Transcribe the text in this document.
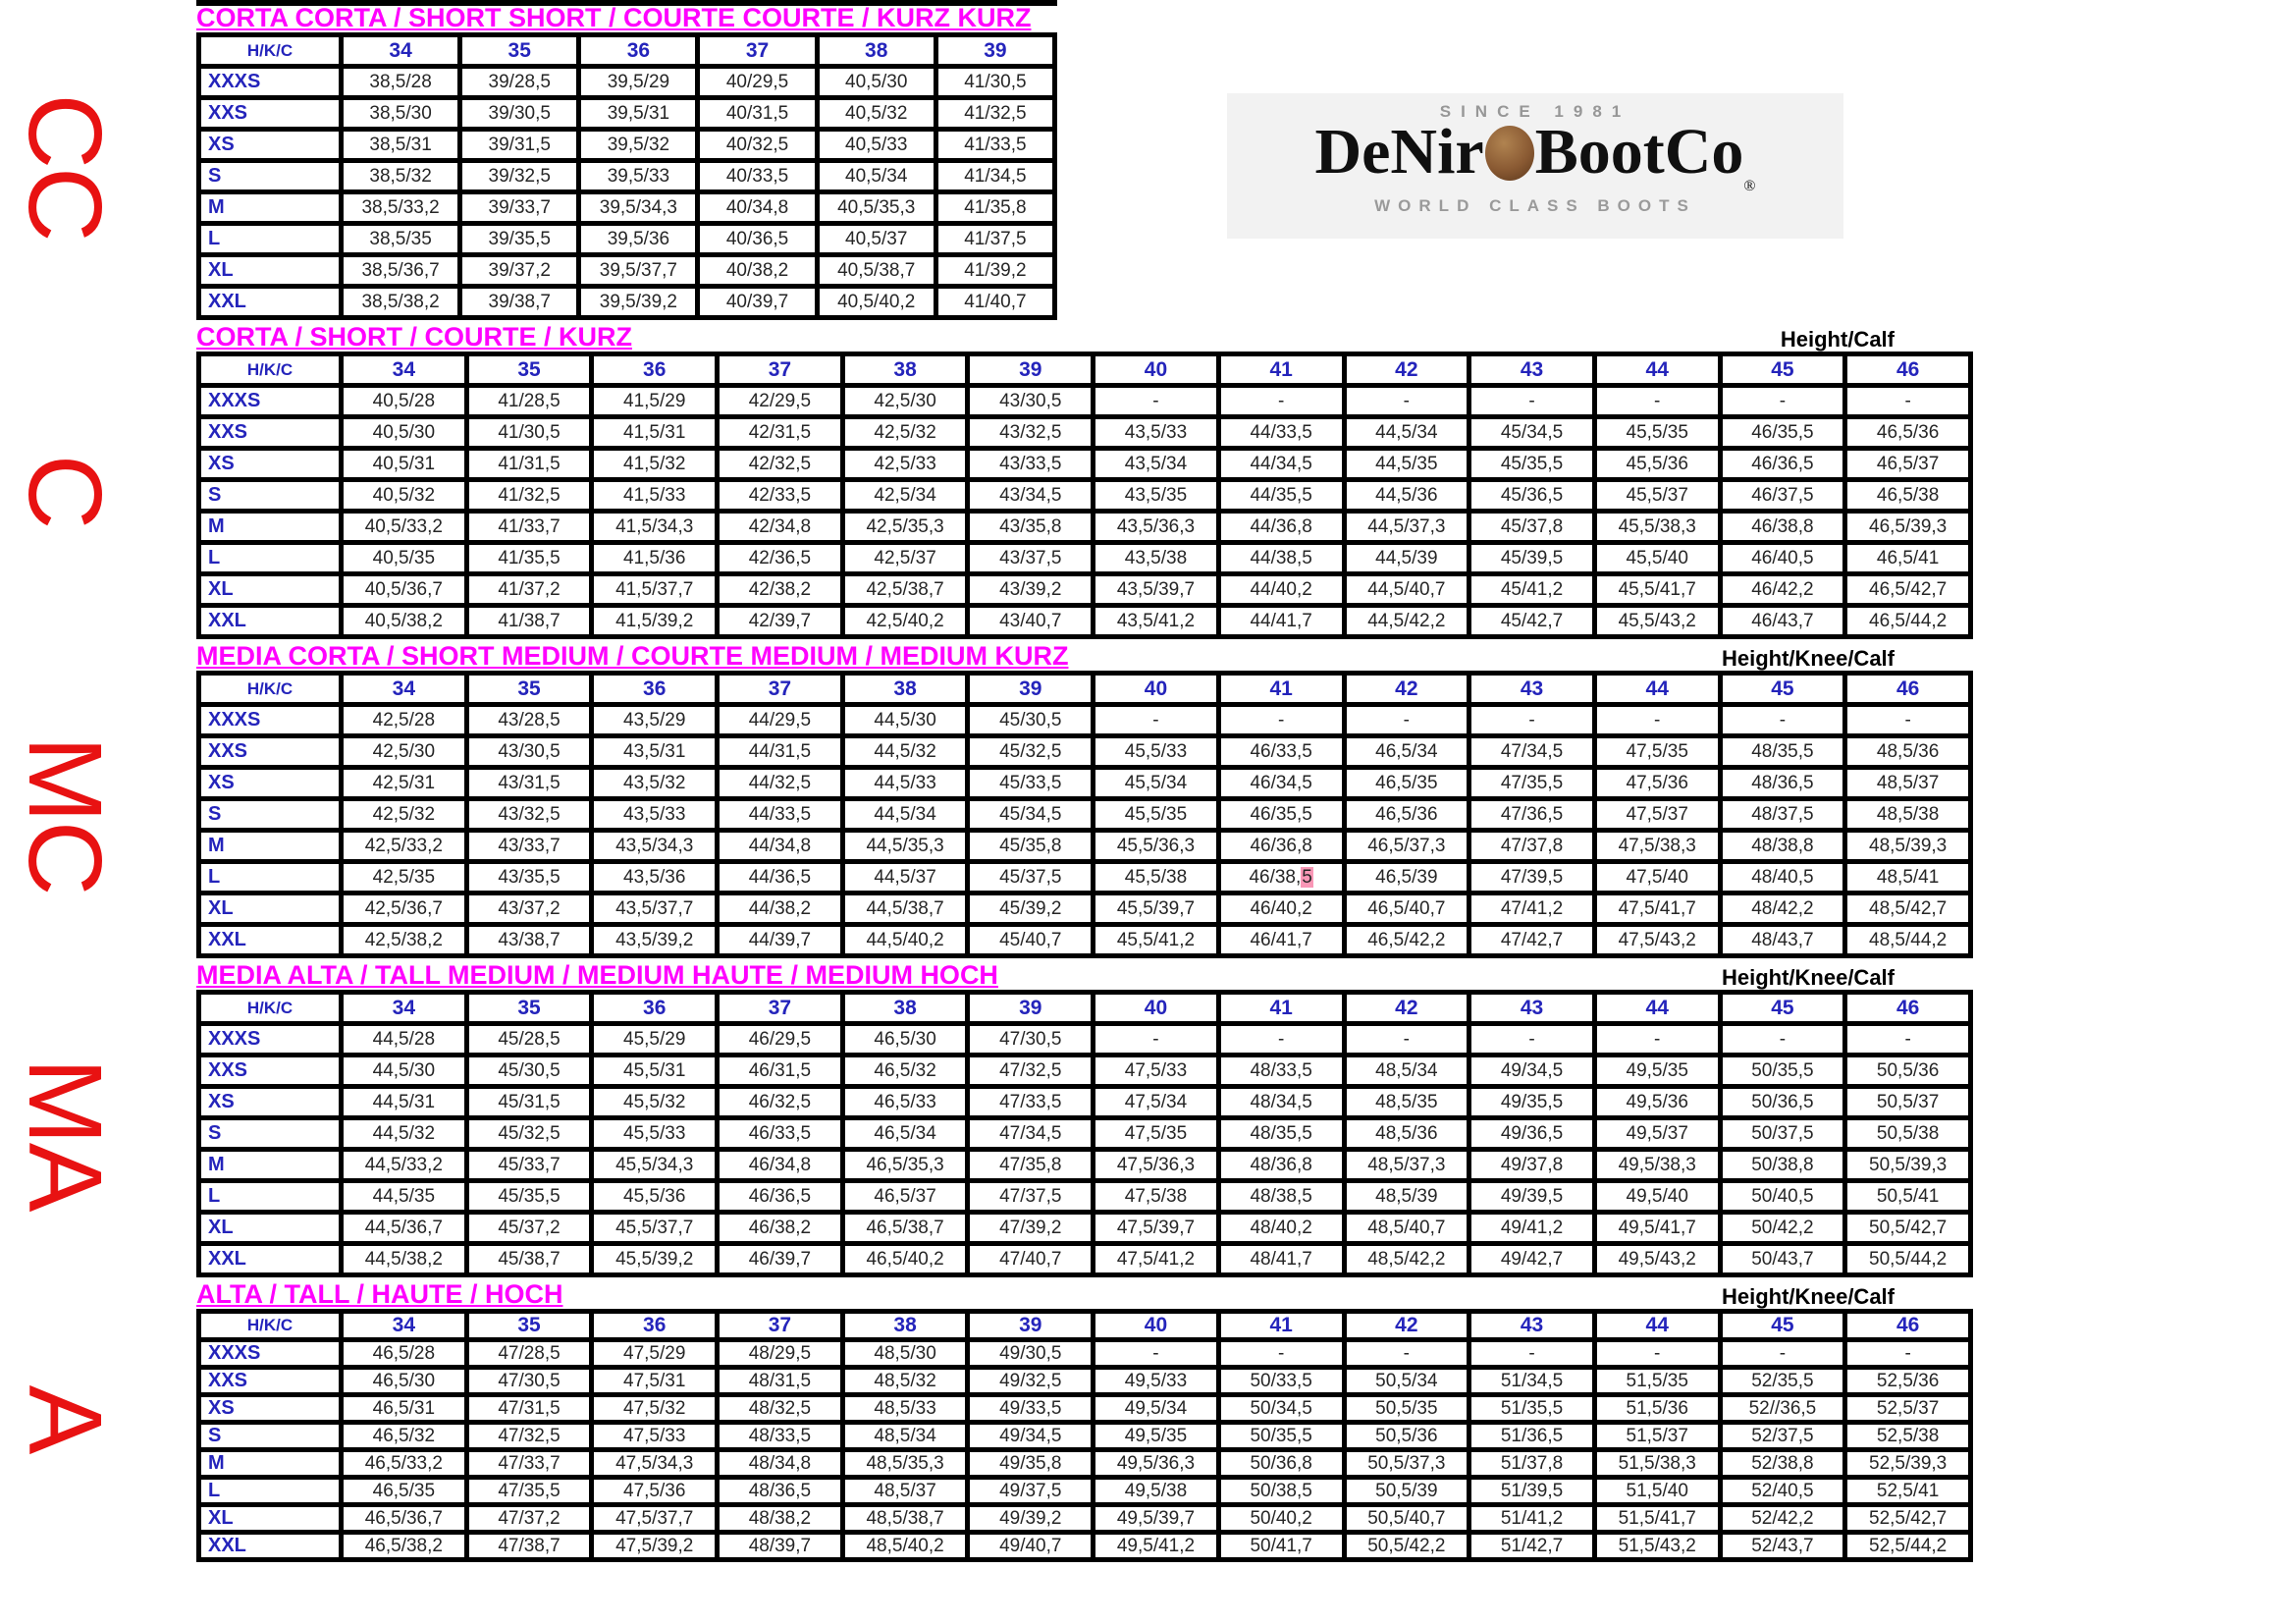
CC
C
MC
MA
A
SINCE 1981
DeNir BootCo$_®$
WORLD CLASS BOOTS
CORTA CORTA / SHORT SHORT / COURTE COURTE / KURZ KURZ
H/K/C	34	35	36	37	38	39
XXXS	38,5/28	39/28,5	39,5/29	40/29,5	40,5/30	41/30,5
XXS	38,5/30	39/30,5	39,5/31	40/31,5	40,5/32	41/32,5
XS	38,5/31	39/31,5	39,5/32	40/32,5	40,5/33	41/33,5
S	38,5/32	39/32,5	39,5/33	40/33,5	40,5/34	41/34,5
M	38,5/33,2	39/33,7	39,5/34,3	40/34,8	40,5/35,3	41/35,8
L	38,5/35	39/35,5	39,5/36	40/36,5	40,5/37	41/37,5
XL	38,5/36,7	39/37,2	39,5/37,7	40/38,2	40,5/38,7	41/39,2
XXL	38,5/38,2	39/38,7	39,5/39,2	40/39,7	40,5/40,2	41/40,7
CORTA / SHORT / COURTE / KURZ	Height/Calf
H/K/C	34	35	36	37	38	39	40	41	42	43	44	45	46
XXXS	40,5/28	41/28,5	41,5/29	42/29,5	42,5/30	43/30,5	-	-	-	-	-	-	-
XXS	40,5/30	41/30,5	41,5/31	42/31,5	42,5/32	43/32,5	43,5/33	44/33,5	44,5/34	45/34,5	45,5/35	46/35,5	46,5/36
XS	40,5/31	41/31,5	41,5/32	42/32,5	42,5/33	43/33,5	43,5/34	44/34,5	44,5/35	45/35,5	45,5/36	46/36,5	46,5/37
S	40,5/32	41/32,5	41,5/33	42/33,5	42,5/34	43/34,5	43,5/35	44/35,5	44,5/36	45/36,5	45,5/37	46/37,5	46,5/38
M	40,5/33,2	41/33,7	41,5/34,3	42/34,8	42,5/35,3	43/35,8	43,5/36,3	44/36,8	44,5/37,3	45/37,8	45,5/38,3	46/38,8	46,5/39,3
L	40,5/35	41/35,5	41,5/36	42/36,5	42,5/37	43/37,5	43,5/38	44/38,5	44,5/39	45/39,5	45,5/40	46/40,5	46,5/41
XL	40,5/36,7	41/37,2	41,5/37,7	42/38,2	42,5/38,7	43/39,2	43,5/39,7	44/40,2	44,5/40,7	45/41,2	45,5/41,7	46/42,2	46,5/42,7
XXL	40,5/38,2	41/38,7	41,5/39,2	42/39,7	42,5/40,2	43/40,7	43,5/41,2	44/41,7	44,5/42,2	45/42,7	45,5/43,2	46/43,7	46,5/44,2
MEDIA CORTA / SHORT MEDIUM / COURTE MEDIUM / MEDIUM KURZ	Height/Knee/Calf
H/K/C	34	35	36	37	38	39	40	41	42	43	44	45	46
XXXS	42,5/28	43/28,5	43,5/29	44/29,5	44,5/30	45/30,5	-	-	-	-	-	-	-
XXS	42,5/30	43/30,5	43,5/31	44/31,5	44,5/32	45/32,5	45,5/33	46/33,5	46,5/34	47/34,5	47,5/35	48/35,5	48,5/36
XS	42,5/31	43/31,5	43,5/32	44/32,5	44,5/33	45/33,5	45,5/34	46/34,5	46,5/35	47/35,5	47,5/36	48/36,5	48,5/37
S	42,5/32	43/32,5	43,5/33	44/33,5	44,5/34	45/34,5	45,5/35	46/35,5	46,5/36	47/36,5	47,5/37	48/37,5	48,5/38
M	42,5/33,2	43/33,7	43,5/34,3	44/34,8	44,5/35,3	45/35,8	45,5/36,3	46/36,8	46,5/37,3	47/37,8	47,5/38,3	48/38,8	48,5/39,3
L	42,5/35	43/35,5	43,5/36	44/36,5	44,5/37	45/37,5	45,5/38	46/38,5	46,5/39	47/39,5	47,5/40	48/40,5	48,5/41
XL	42,5/36,7	43/37,2	43,5/37,7	44/38,2	44,5/38,7	45/39,2	45,5/39,7	46/40,2	46,5/40,7	47/41,2	47,5/41,7	48/42,2	48,5/42,7
XXL	42,5/38,2	43/38,7	43,5/39,2	44/39,7	44,5/40,2	45/40,7	45,5/41,2	46/41,7	46,5/42,2	47/42,7	47,5/43,2	48/43,7	48,5/44,2
MEDIA ALTA / TALL MEDIUM / MEDIUM HAUTE / MEDIUM HOCH	Height/Knee/Calf
H/K/C	34	35	36	37	38	39	40	41	42	43	44	45	46
XXXS	44,5/28	45/28,5	45,5/29	46/29,5	46,5/30	47/30,5	-	-	-	-	-	-	-
XXS	44,5/30	45/30,5	45,5/31	46/31,5	46,5/32	47/32,5	47,5/33	48/33,5	48,5/34	49/34,5	49,5/35	50/35,5	50,5/36
XS	44,5/31	45/31,5	45,5/32	46/32,5	46,5/33	47/33,5	47,5/34	48/34,5	48,5/35	49/35,5	49,5/36	50/36,5	50,5/37
S	44,5/32	45/32,5	45,5/33	46/33,5	46,5/34	47/34,5	47,5/35	48/35,5	48,5/36	49/36,5	49,5/37	50/37,5	50,5/38
M	44,5/33,2	45/33,7	45,5/34,3	46/34,8	46,5/35,3	47/35,8	47,5/36,3	48/36,8	48,5/37,3	49/37,8	49,5/38,3	50/38,8	50,5/39,3
L	44,5/35	45/35,5	45,5/36	46/36,5	46,5/37	47/37,5	47,5/38	48/38,5	48,5/39	49/39,5	49,5/40	50/40,5	50,5/41
XL	44,5/36,7	45/37,2	45,5/37,7	46/38,2	46,5/38,7	47/39,2	47,5/39,7	48/40,2	48,5/40,7	49/41,2	49,5/41,7	50/42,2	50,5/42,7
XXL	44,5/38,2	45/38,7	45,5/39,2	46/39,7	46,5/40,2	47/40,7	47,5/41,2	48/41,7	48,5/42,2	49/42,7	49,5/43,2	50/43,7	50,5/44,2
ALTA / TALL / HAUTE / HOCH	Height/Knee/Calf
H/K/C	34	35	36	37	38	39	40	41	42	43	44	45	46
XXXS	46,5/28	47/28,5	47,5/29	48/29,5	48,5/30	49/30,5	-	-	-	-	-	-	-
XXS	46,5/30	47/30,5	47,5/31	48/31,5	48,5/32	49/32,5	49,5/33	50/33,5	50,5/34	51/34,5	51,5/35	52/35,5	52,5/36
XS	46,5/31	47/31,5	47,5/32	48/32,5	48,5/33	49/33,5	49,5/34	50/34,5	50,5/35	51/35,5	51,5/36	52//36,5	52,5/37
S	46,5/32	47/32,5	47,5/33	48/33,5	48,5/34	49/34,5	49,5/35	50/35,5	50,5/36	51/36,5	51,5/37	52/37,5	52,5/38
M	46,5/33,2	47/33,7	47,5/34,3	48/34,8	48,5/35,3	49/35,8	49,5/36,3	50/36,8	50,5/37,3	51/37,8	51,5/38,3	52/38,8	52,5/39,3
L	46,5/35	47/35,5	47,5/36	48/36,5	48,5/37	49/37,5	49,5/38	50/38,5	50,5/39	51/39,5	51,5/40	52/40,5	52,5/41
XL	46,5/36,7	47/37,2	47,5/37,7	48/38,2	48,5/38,7	49/39,2	49,5/39,7	50/40,2	50,5/40,7	51/41,2	51,5/41,7	52/42,2	52,5/42,7
XXL	46,5/38,2	47/38,7	47,5/39,2	48/39,7	48,5/40,2	49/40,7	49,5/41,2	50/41,7	50,5/42,2	51/42,7	51,5/43,2	52/43,7	52,5/44,2
